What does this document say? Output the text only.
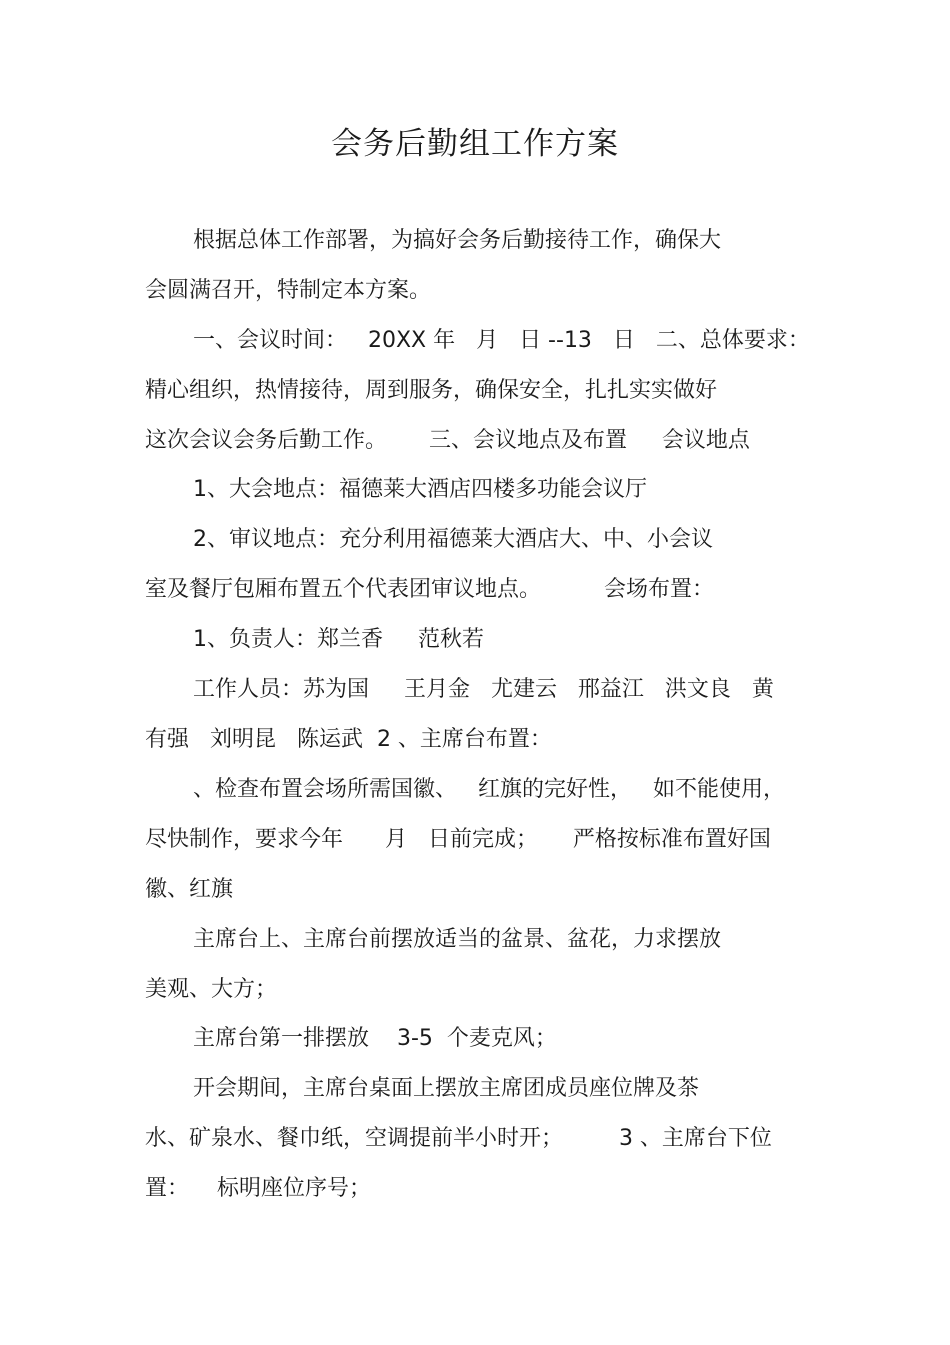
会务后勤组工作方案
根据总体工作部署，为搞好会务后勤接待工作，确保大
会圆满召开，特制定本方案。
一、会议时间：   20XX 年   月   日 --13   日   二、总体要求：
精心组织，热情接待，周到服务，确保安全，扎扎实实做好
这次会议会务后勤工作。      三、会议地点及布置     会议地点
1、大会地点：福德莱大酒店四楼多功能会议厅
2、审议地点：充分利用福德莱大酒店大、中、小会议
室及餐厅包厢布置五个代表团审议地点。         会场布置：
1、负责人：郑兰香     范秋若
工作人员：苏为国     王月金   尤建云   邢益江   洪文良   黄
有强   刘明昆   陈运武  2 、主席台布置：
、检查布置会场所需国徽、   红旗的完好性，   如不能使用，
尽快制作，要求今年      月   日前完成；     严格按标准布置好国
徽、红旗
主席台上、主席台前摆放适当的盆景、盆花，力求摆放
美观、大方；
主席台第一排摆放    3-5  个麦克风；
开会期间，主席台桌面上摆放主席团成员座位牌及茶
水、矿泉水、餐巾纸，空调提前半小时开；        3 、主席台下位
置：    标明座位序号；
